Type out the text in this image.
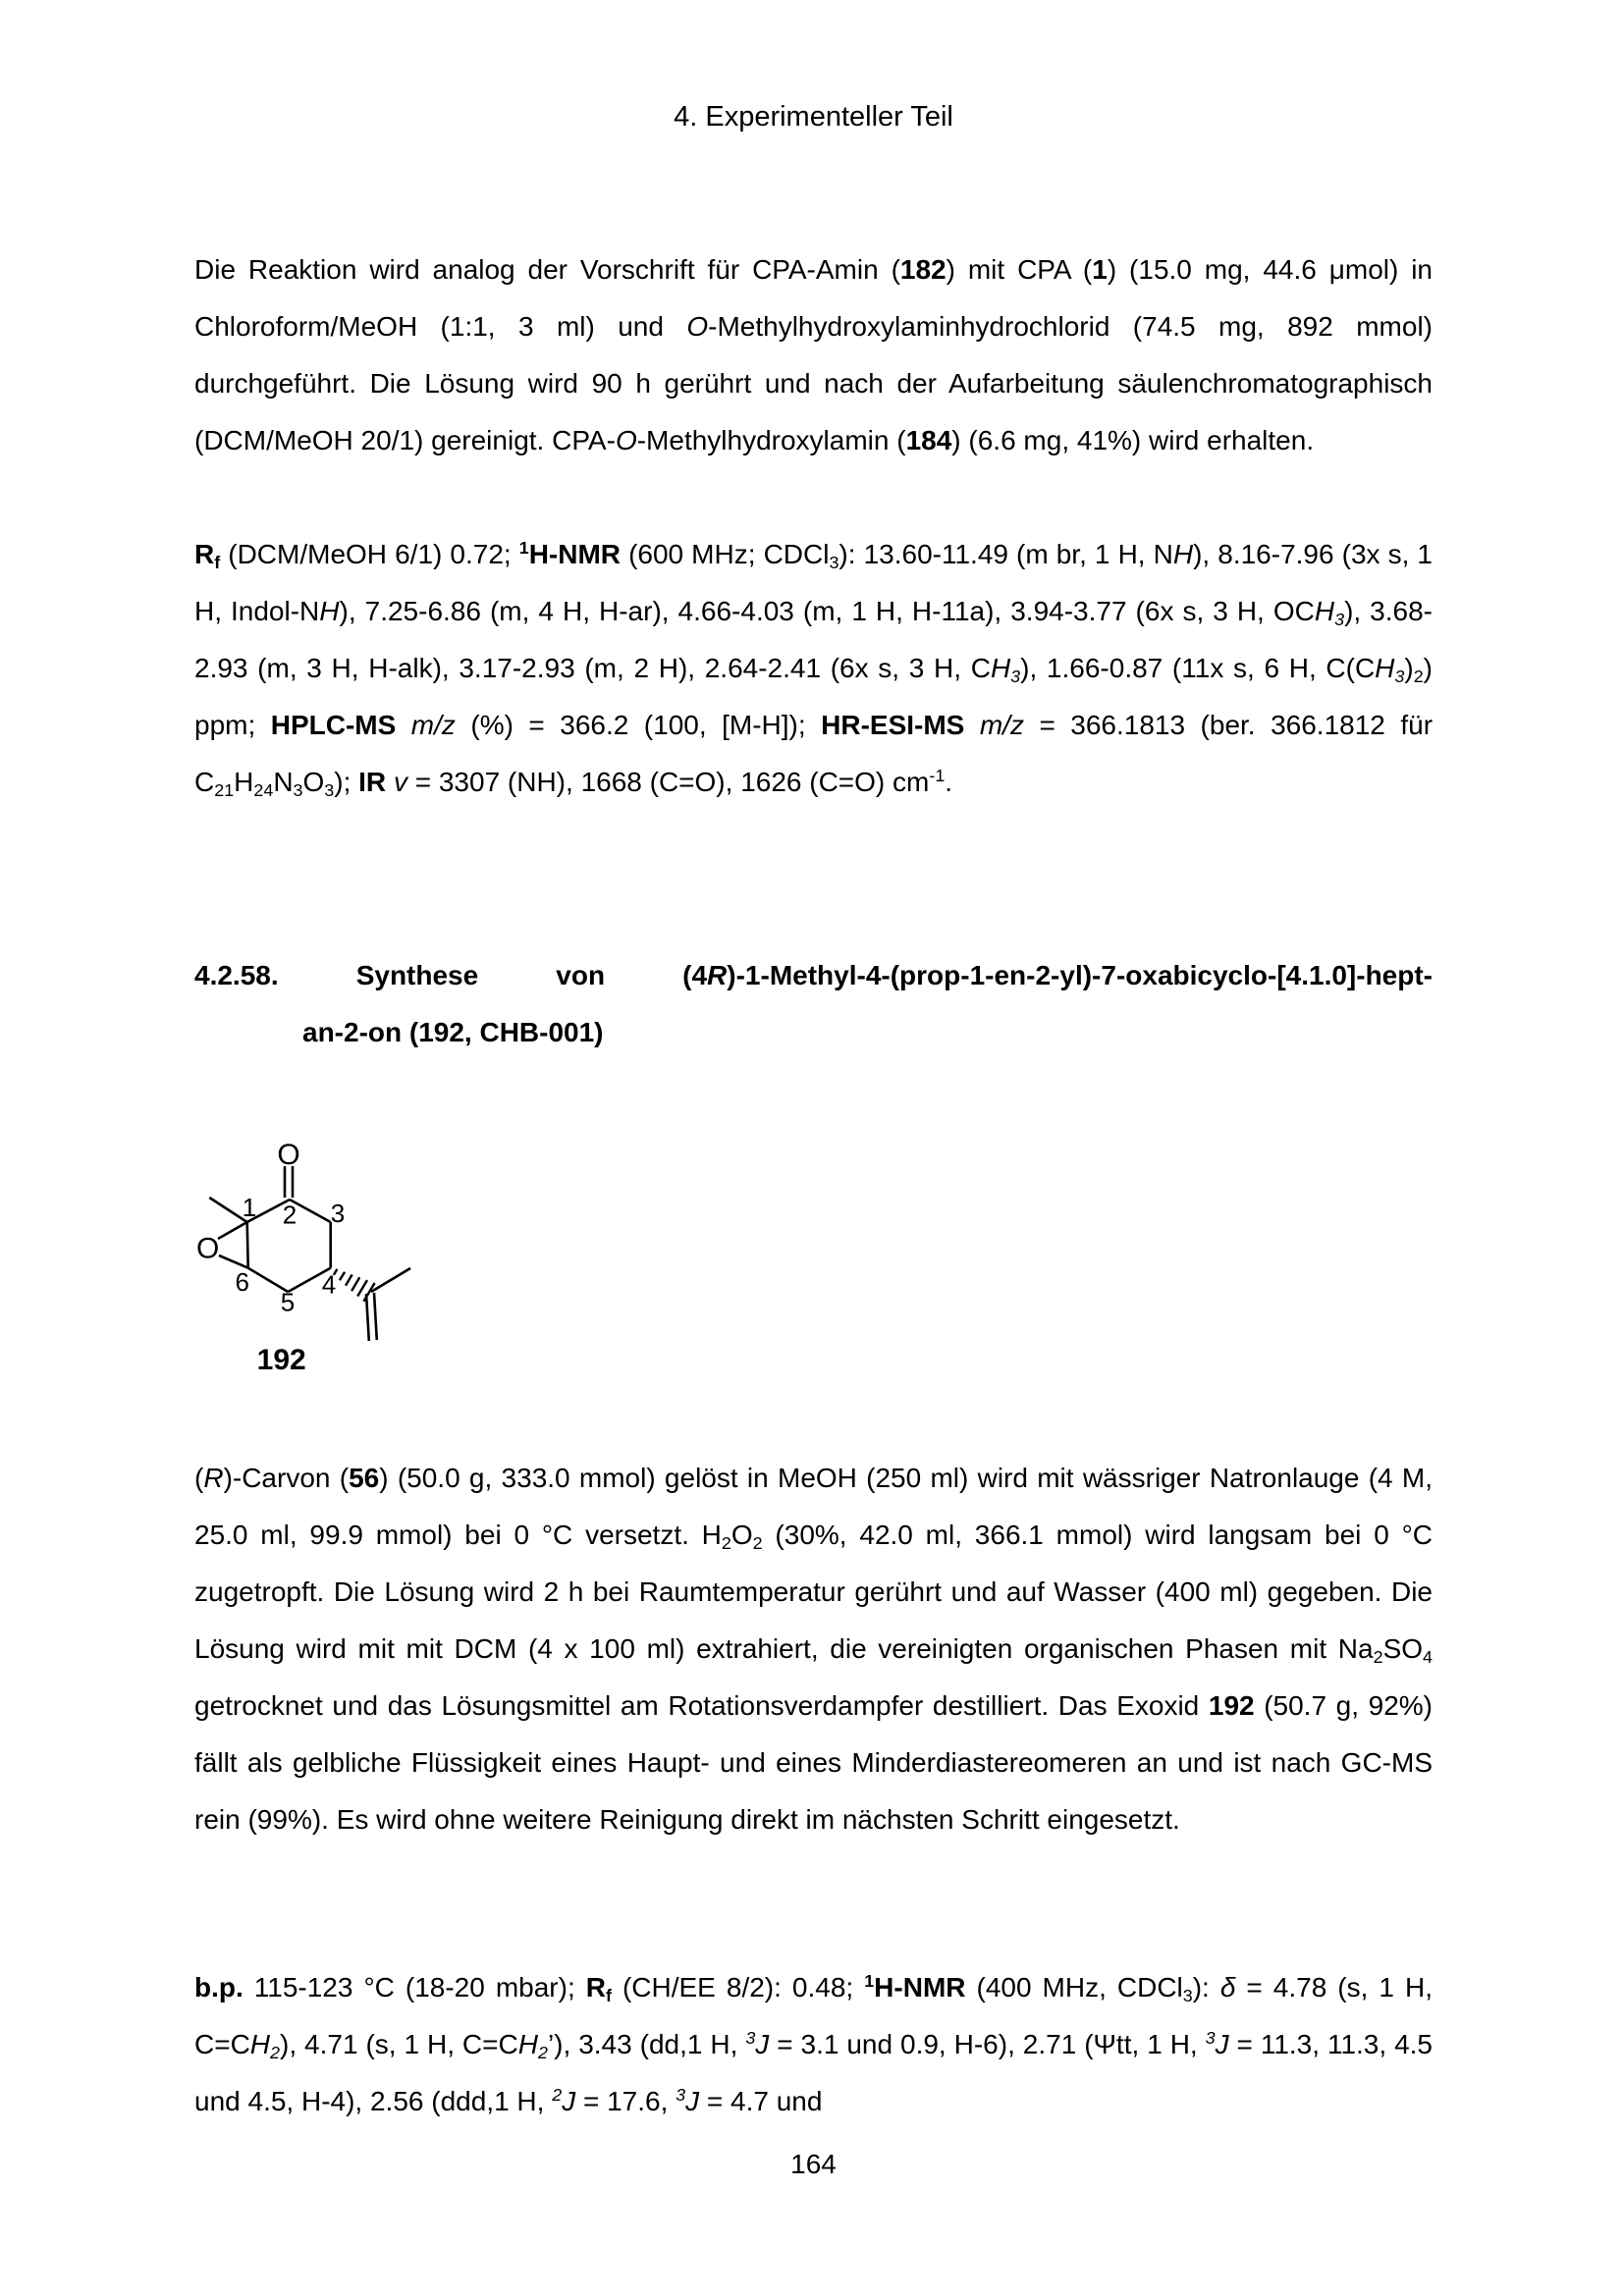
4. Experimenteller Teil
Die Reaktion wird analog der Vorschrift für CPA-Amin (182) mit CPA (1) (15.0 mg, 44.6 μmol) in Chloroform/MeOH (1:1, 3 ml) und O-Methylhydroxylaminhydrochlorid (74.5 mg, 892 mmol) durchgeführt. Die Lösung wird 90 h gerührt und nach der Aufarbeitung säulenchromatographisch (DCM/MeOH 20/1) gereinigt. CPA-O-Methylhydroxylamin (184) (6.6 mg, 41%) wird erhalten.
Rf (DCM/MeOH 6/1) 0.72; $^1$H-NMR (600 MHz; CDCl3): 13.60-11.49 (m br, 1 H, NH), 8.16-7.96 (3x s, 1 H, Indol-NH), 7.25-6.86 (m, 4 H, H-ar), 4.66-4.03 (m, 1 H, H-11a), 3.94-3.77 (6x s, 3 H, OCH3), 3.68-2.93 (m, 3 H, H-alk), 3.17-2.93 (m, 2 H), 2.64-2.41 (6x s, 3 H, CH3), 1.66-0.87 (11x s, 6 H, C(CH3)2) ppm; HPLC-MS m/z (%) = 366.2 (100, [M-H]); HR-ESI-MS m/z = 366.1813 (ber. 366.1812 für C21H24N3O3); IR v = 3307 (NH), 1668 (C=O), 1626 (C=O) $cm^{-1}$.
4.2.58. Synthese von (4R)-1-Methyl-4-(prop-1-en-2-yl)-7-oxabicyclo-[4.1.0]-hept-
an-2-on (192, CHB-001)
O
O
1 2 3
4
5
6
192
(R)-Carvon (56) (50.0 g, 333.0 mmol) gelöst in MeOH (250 ml) wird mit wässriger Natronlauge (4 M, 25.0 ml, 99.9 mmol) bei 0 °C versetzt. H2O2 (30%, 42.0 ml, 366.1 mmol) wird langsam bei 0 °C zugetropft. Die Lösung wird 2 h bei Raumtemperatur gerührt und auf Wasser (400 ml) gegeben. Die Lösung wird mit mit DCM (4 x 100 ml) extrahiert, die vereinigten organischen Phasen mit Na2SO4 getrocknet und das Lösungsmittel am Rotationsverdampfer destilliert. Das Exoxid 192 (50.7 g, 92%) fällt als gelbliche Flüssigkeit eines Haupt- und eines Minderdiastereomeren an und ist nach GC-MS rein (99%). Es wird ohne weitere Reinigung direkt im nächsten Schritt eingesetzt.
b.p. 115-123 °C (18-20 mbar); Rf (CH/EE 8/2): 0.48; $^1$H-NMR (400 MHz, CDCl3): δ = 4.78 (s, 1 H, C=CH2), 4.71 (s, 1 H, C=CH2’), 3.43 (dd,1 H, $^3$J = 3.1 und 0.9, H-6), 2.71 (Ψtt, 1 H, $^3$J = 11.3, 11.3, 4.5 und 4.5, H-4), 2.56 (ddd,1 H, $^2$J = 17.6, $^3$J = 4.7 und
164
